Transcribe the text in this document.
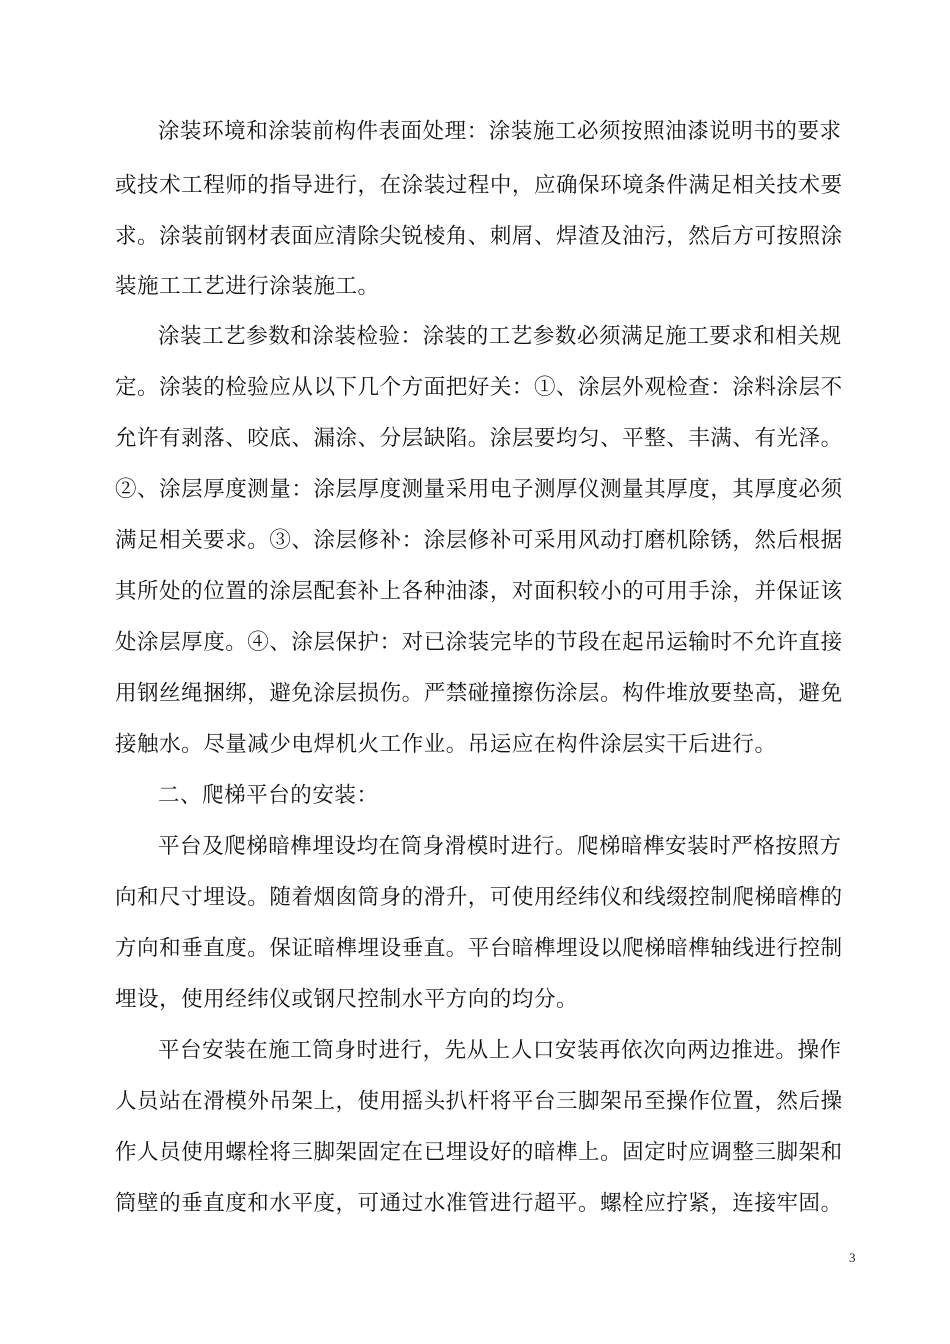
涂装环境和涂装前构件表面处理：涂装施工必须按照油漆说明书的要求
或技术工程师的指导进行，在涂装过程中，应确保环境条件满足相关技术要
求。涂装前钢材表面应清除尖锐棱角、刺屑、焊渣及油污，然后方可按照涂
装施工工艺进行涂装施工。
涂装工艺参数和涂装检验：涂装的工艺参数必须满足施工要求和相关规
定。涂装的检验应从以下几个方面把好关：①、涂层外观检查：涂料涂层不
允许有剥落、咬底、漏涂、分层缺陷。涂层要均匀、平整、丰满、有光泽。
②、涂层厚度测量：涂层厚度测量采用电子测厚仪测量其厚度，其厚度必须
满足相关要求。③、涂层修补：涂层修补可采用风动打磨机除锈，然后根据
其所处的位置的涂层配套补上各种油漆，对面积较小的可用手涂，并保证该
处涂层厚度。④、涂层保护：对已涂装完毕的节段在起吊运输时不允许直接
用钢丝绳捆绑，避免涂层损伤。严禁碰撞擦伤涂层。构件堆放要垫高，避免
接触水。尽量减少电焊机火工作业。吊运应在构件涂层实干后进行。
二、爬梯平台的安装：
平台及爬梯暗榫埋设均在筒身滑模时进行。爬梯暗榫安装时严格按照方
向和尺寸埋设。随着烟囱筒身的滑升，可使用经纬仪和线缀控制爬梯暗榫的
方向和垂直度。保证暗榫埋设垂直。平台暗榫埋设以爬梯暗榫轴线进行控制
埋设，使用经纬仪或钢尺控制水平方向的均分。
平台安装在施工筒身时进行，先从上人口安装再依次向两边推进。操作
人员站在滑模外吊架上，使用摇头扒杆将平台三脚架吊至操作位置，然后操
作人员使用螺栓将三脚架固定在已埋设好的暗榫上。固定时应调整三脚架和
筒壁的垂直度和水平度，可通过水准管进行超平。螺栓应拧紧，连接牢固。
3
